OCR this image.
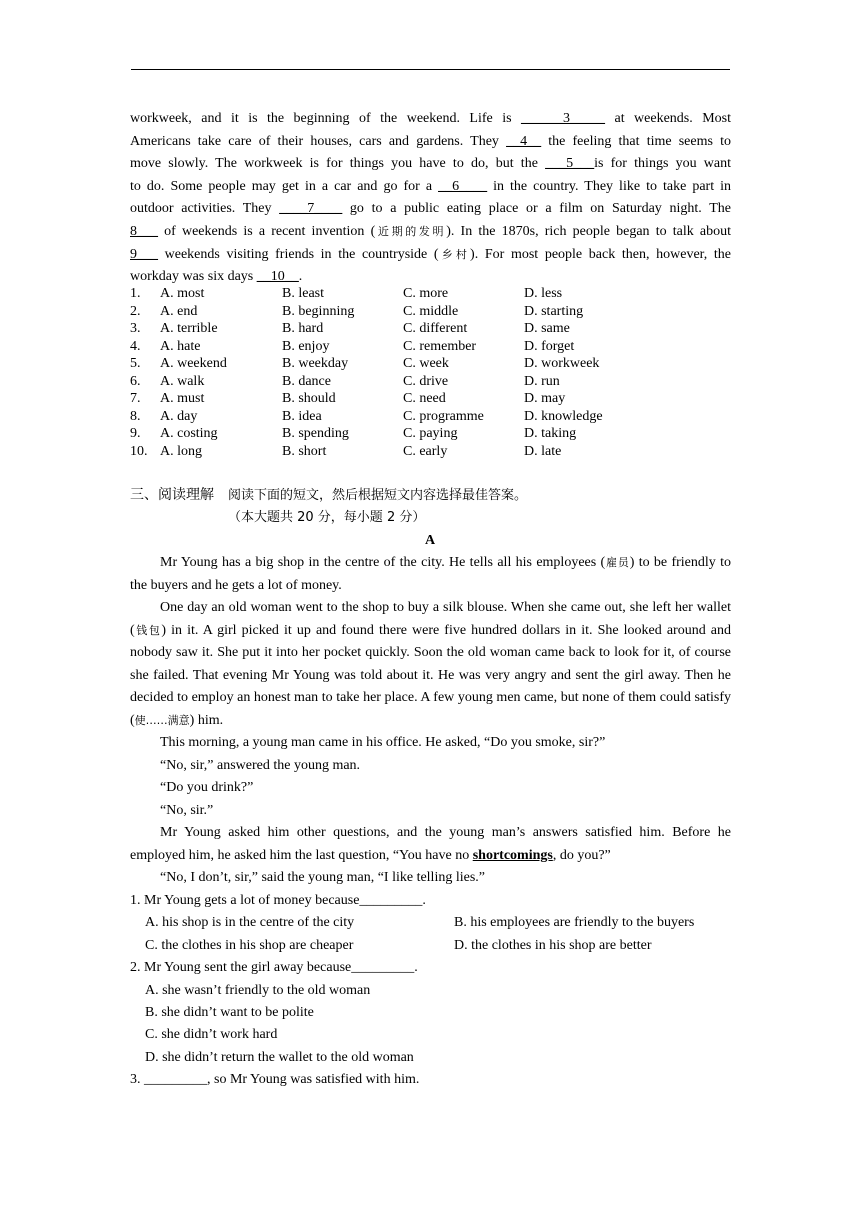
workweek, and it is the beginning of the weekend. Life is ______3_____ at weekends. Most
Americans take care of their houses, cars and gardens. They __4__ the feeling that time seems to
move slowly. The workweek is for things you have to do, but the ___5___is for things you want
to do. Some people may get in a car and go for a __6____ in the country. They like to take part in
outdoor activities. They ____7____ go to a public eating place or a film on Saturday night. The
8___ of weekends is a recent invention (近期的发明). In the 1870s, rich people began to talk about
9___ weekends visiting friends in the countryside (乡村). For most people back then, however, the
workday was six days __10__.
1. A. most	B. least	C. more	D. less
2. A. end	B. beginning	C. middle	D. starting
3. A. terrible	B. hard	C. different	D. same
4. A. hate	B. enjoy	C. remember	D. forget
5. A. weekend	B. weekday	C. week	D. workweek
6. A. walk	B. dance	C. drive	D. run
7. A. must	B. should	C. need	D. may
8. A. day	B. idea	C. programme	D. knowledge
9. A. costing	B. spending	C. paying	D. taking
10. A. long	B. short	C. early	D. late
三、阅读理解 阅读下面的短文，然后根据短文内容选择最佳答案。
（本大题共 20 分，每小题 2 分）
A

Mr Young has a big shop in the centre of the city. He tells all his employees (雇员) to be friendly to the buyers and he gets a lot of money.

One day an old woman went to the shop to buy a silk blouse. When she came out, she left her wallet (钱包) in it. A girl picked it up and found there were five hundred dollars in it. She looked around and nobody saw it. She put it into her pocket quickly. Soon the old woman came back to look for it, of course she failed. That evening Mr Young was told about it. He was very angry and sent the girl away. Then he decided to employ an honest man to take her place. A few young men came, but none of them could satisfy (使……满意) him.

This morning, a young man came in his office. He asked, “Do you smoke, sir?”

“No, sir,” answered the young man.

“Do you drink?”

“No, sir.”

Mr Young asked him other questions, and the young man’s answers satisfied him. Before he employed him, he asked him the last question, “You have no shortcomings, do you?”

“No, I don’t, sir,” said the young man, “I like telling lies.”

1. Mr Young gets a lot of money because_________.
A. his shop is in the centre of the city	B. his employees are friendly to the buyers
C. the clothes in his shop are cheaper	D. the clothes in his shop are better
2. Mr Young sent the girl away because_________.
A. she wasn’t friendly to the old woman
B. she didn’t want to be polite
C. she didn’t work hard
D. she didn’t return the wallet to the old woman
3. _________, so Mr Young was satisfied with him.
